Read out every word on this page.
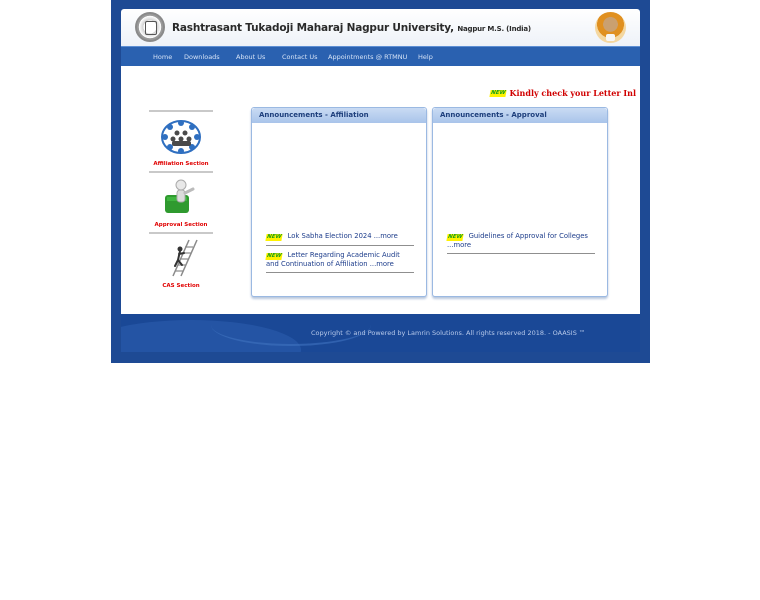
Rashtrasant Tukadoji Maharaj Nagpur University, Nagpur M.S. (India)
Home Downloads	About Us	Contact Us Appointments @ RTMNU Help
NEW Kindly check your Letter Inl
Affiliation Section
Approval Section
CAS Section
Announcements - Affiliation
NEW Lok Sabha Election 2024 ...more
NEW Letter Regarding Academic Audit and Continuation of Affiliation ...more
Announcements - Approval
NEW Guidelines of Approval for Colleges ...more
Copyright © and Powered by Lamrin Solutions. All rights reserved 2018. - OAASIS ™
